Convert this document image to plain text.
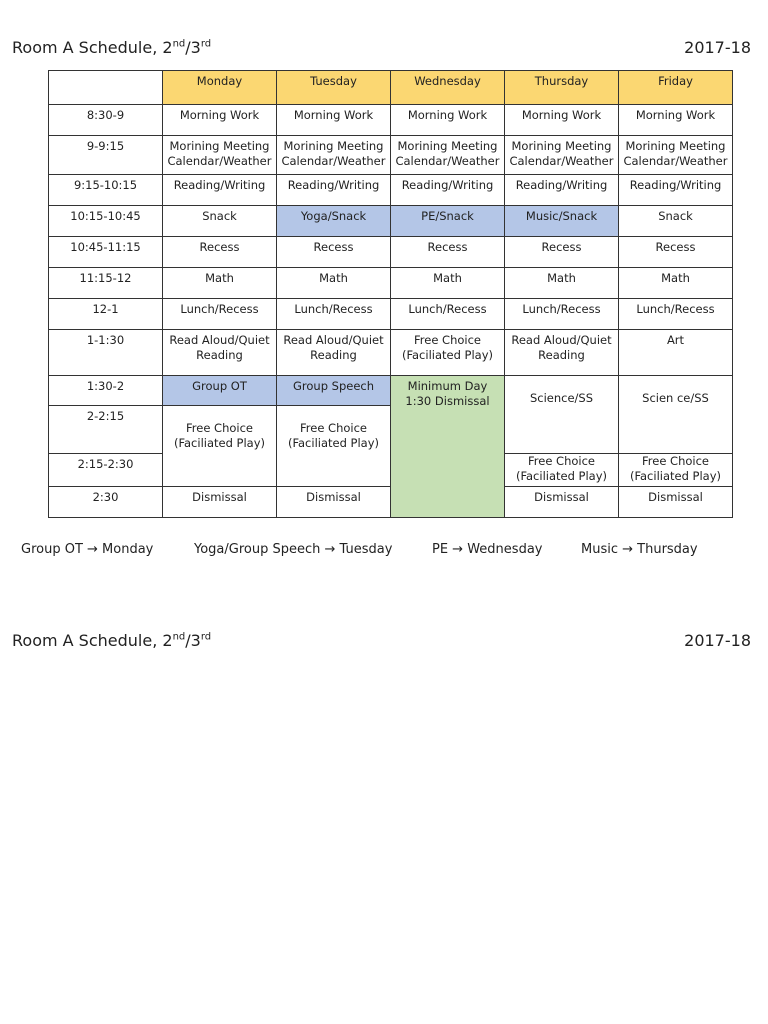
Room A Schedule, 2nd/3rd	2017-18
	Monday	Tuesday	Wednesday	Thursday	Friday
8:30-9	Morning Work	Morning Work	Morning Work	Morning Work	Morning Work
9-9:15	Morining Meeting Calendar/Weather	Morining Meeting Calendar/Weather	Morining Meeting Calendar/Weather	Morining Meeting Calendar/Weather	Morining Meeting Calendar/Weather
9:15-10:15	Reading/Writing	Reading/Writing	Reading/Writing	Reading/Writing	Reading/Writing
10:15-10:45	Snack	Yoga/Snack	PE/Snack	Music/Snack	Snack
10:45-11:15	Recess	Recess	Recess	Recess	Recess
11:15-12	Math	Math	Math	Math	Math
12-1	Lunch/Recess	Lunch/Recess	Lunch/Recess	Lunch/Recess	Lunch/Recess
1-1:30	Read Aloud/Quiet Reading	Read Aloud/Quiet Reading	Free Choice (Faciliated Play)	Read Aloud/Quiet Reading	Art
1:30-2	Group OT	Group Speech	Minimum Day 1:30 Dismissal	Science/SS	Scien ce/SS
2-2:15	Free Choice (Faciliated Play)	Free Choice (Faciliated Play)			
2:15-2:30				Free Choice (Faciliated Play)	Free Choice (Faciliated Play)
2:30	Dismissal	Dismissal		Dismissal	Dismissal
Group OT → Monday	Yoga/Group Speech → Tuesday	PE → Wednesday	Music → Thursday
Room A Schedule, 2nd/3rd	2017-18
